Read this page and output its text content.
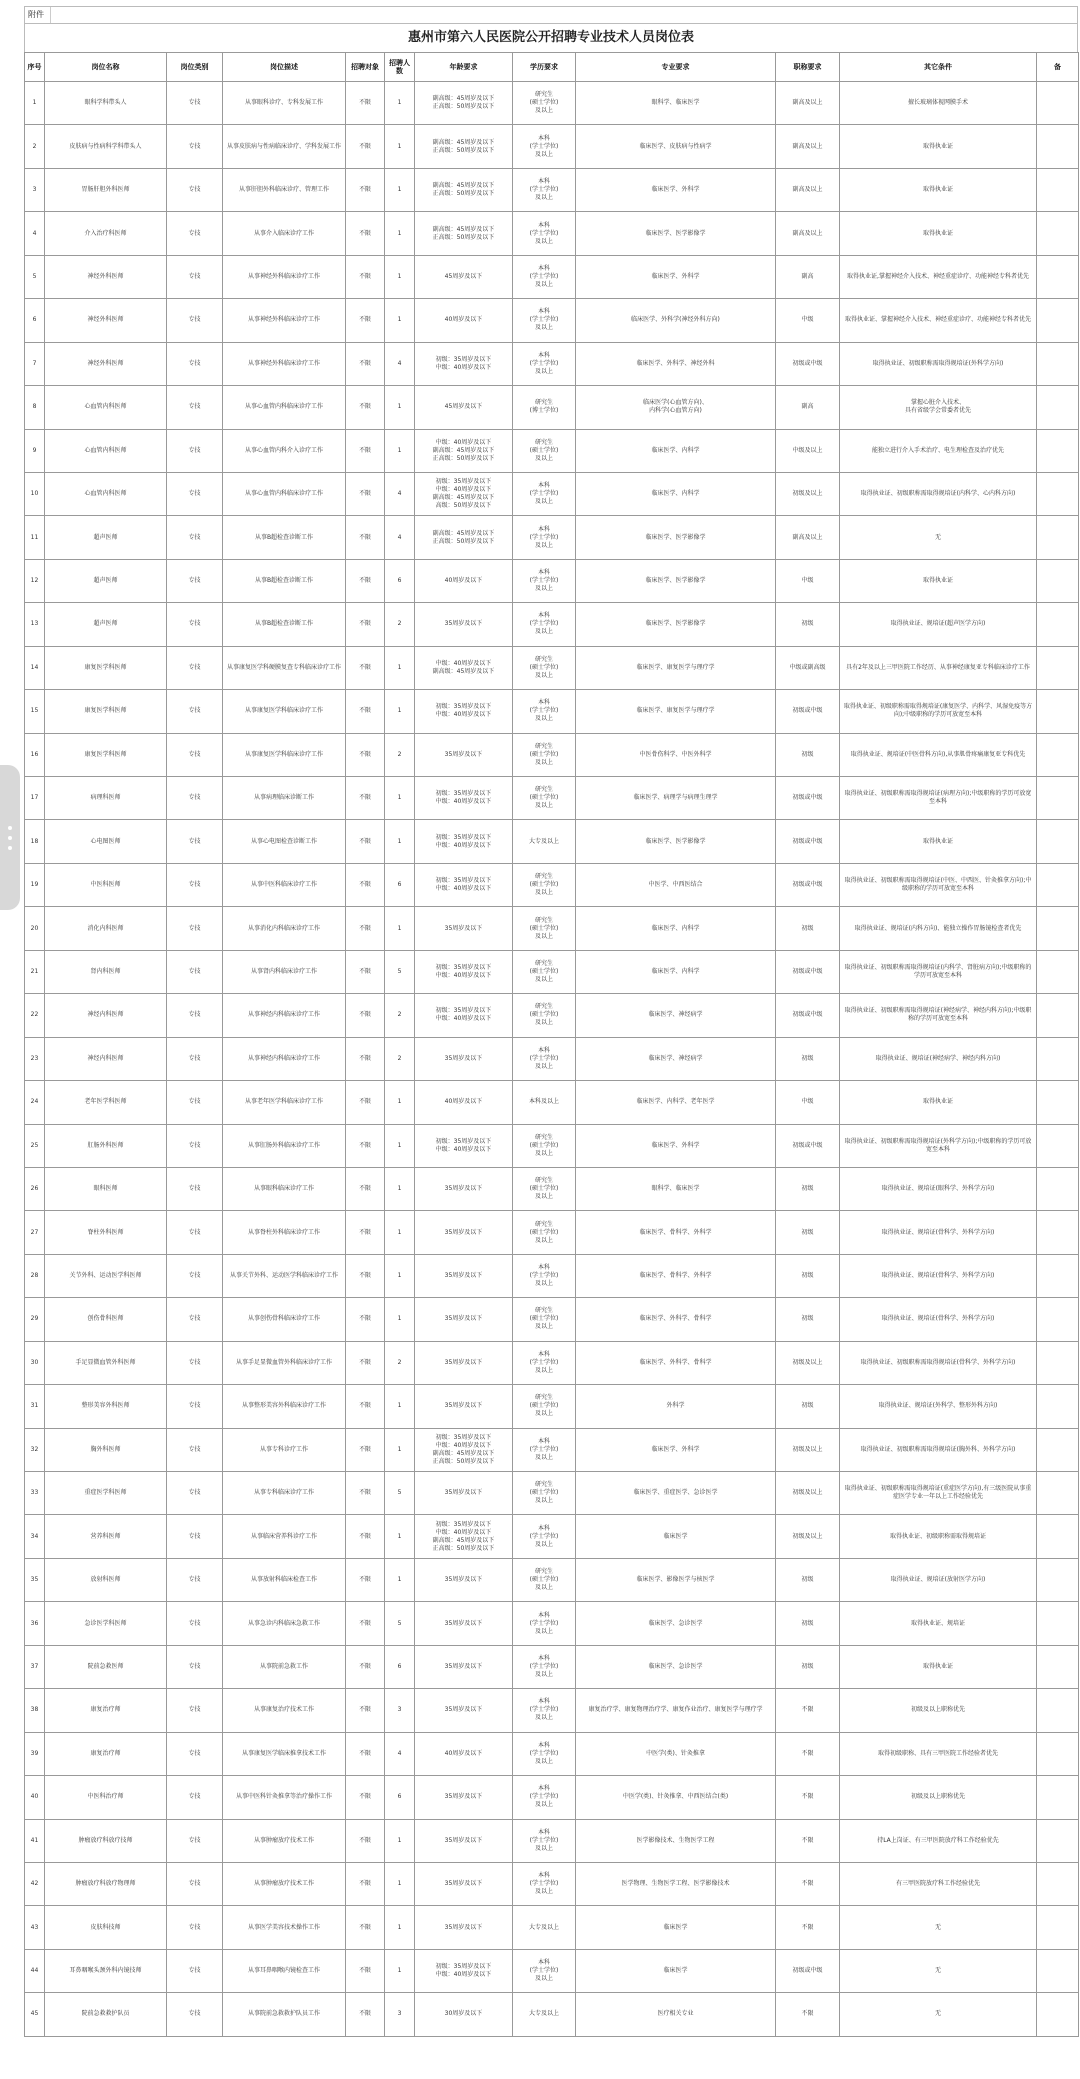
附件
惠州市第六人民医院公开招聘专业技术人员岗位表
序号	岗位名称	岗位类别	岗位描述	招聘对象	招聘人数	年龄要求	学历要求	专业要求	职称要求	其它条件	备
1	眼科学科带头人	专技	从事眼科诊疗、专科发展工作	不限	1	副高级：45周岁及以下
正高级：50周岁及以下	研究生
(硕士学位)
及以上	眼科学、临床医学	副高及以上	擅长玻璃体视网膜手术	
2	皮肤病与性病科学科带头人	专技	从事皮肤病与性病临床诊疗、学科发展工作	不限	1	副高级：45周岁及以下
正高级：50周岁及以下	本科
(学士学位)
及以上	临床医学、皮肤病与性病学	副高及以上	取得执业证	
3	胃肠肝胆外科医师	专技	从事肝胆外科临床诊疗、管理工作	不限	1	副高级：45周岁及以下
正高级：50周岁及以下	本科
(学士学位)
及以上	临床医学、外科学	副高及以上	取得执业证	
4	介入治疗科医师	专技	从事介入临床诊疗工作	不限	1	副高级：45周岁及以下
正高级：50周岁及以下	本科
(学士学位)
及以上	临床医学、医学影像学	副高及以上	取得执业证	
5	神经外科医师	专技	从事神经外科临床诊疗工作	不限	1	45周岁及以下	本科
(学士学位)
及以上	临床医学、外科学	副高	取得执业证,掌握神经介入技术、神经重症诊疗、功能神经专科者优先	
6	神经外科医师	专技	从事神经外科临床诊疗工作	不限	1	40周岁及以下	本科
(学士学位)
及以上	临床医学、外科学(神经外科方向)	中级	取得执业证、掌握神经介入技术、神经重症诊疗、功能神经专科者优先	
7	神经外科医师	专技	从事神经外科临床诊疗工作	不限	4	初级：35周岁及以下
中级：40周岁及以下	本科
(学士学位)
及以上	临床医学、外科学、神经外科	初级或中级	取得执业证、初级职称需取得规培证(外科学方向)	
8	心血管内科医师	专技	从事心血管内科临床诊疗工作	不限	1	45周岁及以下	研究生
(博士学位)	临床医学(心血管方向)、
内科学(心血管方向)	副高	掌握心脏介入技术、
具有省级学会常委者优先	
9	心血管内科医师	专技	从事心血管内科介入诊疗工作	不限	1	中级：40周岁及以下
副高级：45周岁及以下
正高级：50周岁及以下	研究生
(硕士学位)
及以上	临床医学、内科学	中级及以上	能独立进行介入手术治疗、电生理检查及治疗优先	
10	心血管内科医师	专技	从事心血管内科临床诊疗工作	不限	4	初级：35周岁及以下
中级：40周岁及以下
副高级：45周岁及以下
高级：50周岁及以下	本科
(学士学位)
及以上	临床医学、内科学	初级及以上	取得执业证、初级职称需取得规培证(内科学、心内科方向)	
11	超声医师	专技	从事B超检查诊断工作	不限	4	副高级：45周岁及以下
正高级：50周岁及以下	本科
(学士学位)
及以上	临床医学、医学影像学	副高及以上	无	
12	超声医师	专技	从事B超检查诊断工作	不限	6	40周岁及以下	本科
(学士学位)
及以上	临床医学、医学影像学	中级	取得执业证	
13	超声医师	专技	从事B超检查诊断工作	不限	2	35周岁及以下	本科
(学士学位)
及以上	临床医学、医学影像学	初级	取得执业证、规培证(超声医学方向)	
14	康复医学科医师	专技	从事康复医学科硬膜复查专科临床诊疗工作	不限	1	中级：40周岁及以下
副高级：45周岁及以下	研究生
(硕士学位)
及以上	临床医学、康复医学与理疗学	中级或副高级	具有2年及以上三甲医院工作经历、从事神经康复亚专科临床诊疗工作	
15	康复医学科医师	专技	从事康复医学科临床诊疗工作	不限	1	初级：35周岁及以下
中级：40周岁及以下	本科
(学士学位)
及以上	临床医学、康复医学与理疗学	初级或中级	取得执业证、初级职称需取得规培证(康复医学、内科学、风湿免疫等方向);中级职称的学历可放宽至本科	
16	康复医学科医师	专技	从事康复医学科临床诊疗工作	不限	2	35周岁及以下	研究生
(硕士学位)
及以上	中医骨伤科学、中医外科学	初级	取得执业证、规培证(中医骨科方向),从事肌骨疼痛康复亚专科优先	
17	病理科医师	专技	从事病理临床诊断工作	不限	1	初级：35周岁及以下
中级：40周岁及以下	研究生
(硕士学位)
及以上	临床医学、病理学与病理生理学	初级或中级	取得执业证、初级职称需取得规培证(病理方向);中级职称的学历可放宽至本科	
18	心电图医师	专技	从事心电图检查诊断工作	不限	1	初级：35周岁及以下
中级：40周岁及以下	大专及以上	临床医学、医学影像学	初级或中级	取得执业证	
19	中医科医师	专技	从事中医科临床诊疗工作	不限	6	初级：35周岁及以下
中级：40周岁及以下	研究生
(硕士学位)
及以上	中医学、中西医结合	初级或中级	取得执业证、初级职称需取得规培证(中医、中西医、针灸推拿方向);中级职称的学历可放宽至本科	
20	消化内科医师	专技	从事消化内科临床诊疗工作	不限	1	35周岁及以下	研究生
(硕士学位)
及以上	临床医学、内科学	初级	取得执业证、规培证(内科方向)、能独立操作胃肠镜检查者优先	
21	肾内科医师	专技	从事肾内科临床诊疗工作	不限	5	初级：35周岁及以下
中级：40周岁及以下	研究生
(硕士学位)
及以上	临床医学、内科学	初级或中级	取得执业证、初级职称需取得规培证(内科学、肾脏病方向);中级职称的学历可放宽至本科	
22	神经内科医师	专技	从事神经内科临床诊疗工作	不限	2	初级：35周岁及以下
中级：40周岁及以下	研究生
(硕士学位)
及以上	临床医学、神经病学	初级或中级	取得执业证、初级职称需取得规培证(神经病学、神经内科方向);中级职称的学历可放宽至本科	
23	神经内科医师	专技	从事神经内科临床诊疗工作	不限	2	35周岁及以下	本科
(学士学位)
及以上	临床医学、神经病学	初级	取得执业证、规培证(神经病学、神经内科方向)	
24	老年医学科医师	专技	从事老年医学科临床诊疗工作	不限	1	40周岁及以下	本科及以上	临床医学、内科学、老年医学	中级	取得执业证	
25	肛肠外科医师	专技	从事肛肠外科临床诊疗工作	不限	1	初级：35周岁及以下
中级：40周岁及以下	研究生
(硕士学位)
及以上	临床医学、外科学	初级或中级	取得执业证、初级职称需取得规培证(外科学方向);中级职称的学历可放宽至本科	
26	眼科医师	专技	从事眼科临床诊疗工作	不限	1	35周岁及以下	研究生
(硕士学位)
及以上	眼科学、临床医学	初级	取得执业证、规培证(眼科学、外科学方向)	
27	脊柱外科医师	专技	从事脊柱外科临床诊疗工作	不限	1	35周岁及以下	研究生
(硕士学位)
及以上	临床医学、骨科学、外科学	初级	取得执业证、规培证(骨科学、外科学方向)	
28	关节外科、运动医学科医师	专技	从事关节外科、运动医学科临床诊疗工作	不限	1	35周岁及以下	本科
(学士学位)
及以上	临床医学、骨科学、外科学	初级	取得执业证、规培证(骨科学、外科学方向)	
29	创伤骨科医师	专技	从事创伤骨科临床诊疗工作	不限	1	35周岁及以下	研究生
(硕士学位)
及以上	临床医学、外科学、骨科学	初级	取得执业证、规培证(骨科学、外科学方向)	
30	手足显微血管外科医师	专技	从事手足显微血管外科临床诊疗工作	不限	2	35周岁及以下	本科
(学士学位)
及以上	临床医学、外科学、骨科学	初级及以上	取得执业证、初级职称需取得规培证(骨科学、外科学方向)	
31	整形美容外科医师	专技	从事整形美容外科临床诊疗工作	不限	1	35周岁及以下	研究生
(硕士学位)
及以上	外科学	初级	取得执业证、规培证(外科学、整形外科方向)	
32	胸外科医师	专技	从事专科诊疗工作	不限	1	初级：35周岁及以下
中级：40周岁及以下
副高级：45周岁及以下
正高级：50周岁及以下	本科
(学士学位)
及以上	临床医学、外科学	初级及以上	取得执业证、初级职称需取得规培证(胸外科、外科学方向)	
33	重症医学科医师	专技	从事专科临床诊疗工作	不限	5	35周岁及以下	研究生
(硕士学位)
及以上	临床医学、重症医学、急诊医学	初级及以上	取得执业证、初级职称需取得规培证(重症医学方向),有三级医院从事重症医学专业一年以上工作经验优先	
34	营养科医师	专技	从事临床营养科诊疗工作	不限	1	初级：35周岁及以下
中级：40周岁及以下
副高级：45周岁及以下
正高级：50周岁及以下	本科
(学士学位)
及以上	临床医学	初级及以上	取得执业证、初级职称需取得规培证	
35	放射科医师	专技	从事放射科临床检查工作	不限	1	35周岁及以下	研究生
(硕士学位)
及以上	临床医学、影像医学与核医学	初级	取得执业证、规培证(放射医学方向)	
36	急诊医学科医师	专技	从事急诊内科临床急救工作	不限	5	35周岁及以下	本科
(学士学位)
及以上	临床医学、急诊医学	初级	取得执业证、规培证	
37	院前急救医师	专技	从事院前急救工作	不限	6	35周岁及以下	本科
(学士学位)
及以上	临床医学、急诊医学	初级	取得执业证	
38	康复治疗师	专技	从事康复治疗技术工作	不限	3	35周岁及以下	本科
(学士学位)
及以上	康复治疗学、康复物理治疗学、康复作业治疗、康复医学与理疗学	不限	初级及以上职称优先	
39	康复治疗师	专技	从事康复医学临床推拿技术工作	不限	4	40周岁及以下	本科
(学士学位)
及以上	中医学(类)、针灸推拿	不限	取得初级职称、具有三甲医院工作经验者优先	
40	中医科治疗师	专技	从事中医科针灸推拿等治疗操作工作	不限	6	35周岁及以下	本科
(学士学位)
及以上	中医学(类)、针灸推拿、中西医结合(类)	不限	初级及以上职称优先	
41	肿瘤放疗科放疗技师	专技	从事肿瘤放疗技术工作	不限	1	35周岁及以下	本科
(学士学位)
及以上	医学影像技术、生物医学工程	不限	持LA上岗证、有三甲医院放疗科工作经验优先	
42	肿瘤放疗科放疗物理师	专技	从事肿瘤放疗技术工作	不限	1	35周岁及以下	本科
(学士学位)
及以上	医学物理、生物医学工程、医学影像技术	不限	有三甲医院放疗科工作经验优先	
43	皮肤科技师	专技	从事医学美容技术操作工作	不限	1	35周岁及以下	大专及以上	临床医学	不限	无	
44	耳鼻咽喉头颈外科内镜技师	专技	从事耳鼻咽喉内镜检查工作	不限	1	初级：35周岁及以下
中级：40周岁及以下	本科
(学士学位)
及以上	临床医学	初级或中级	无	
45	院前急救救护队员	专技	从事院前急救救护队员工作	不限	3	30周岁及以下	大专及以上	医疗相关专业	不限	无	
